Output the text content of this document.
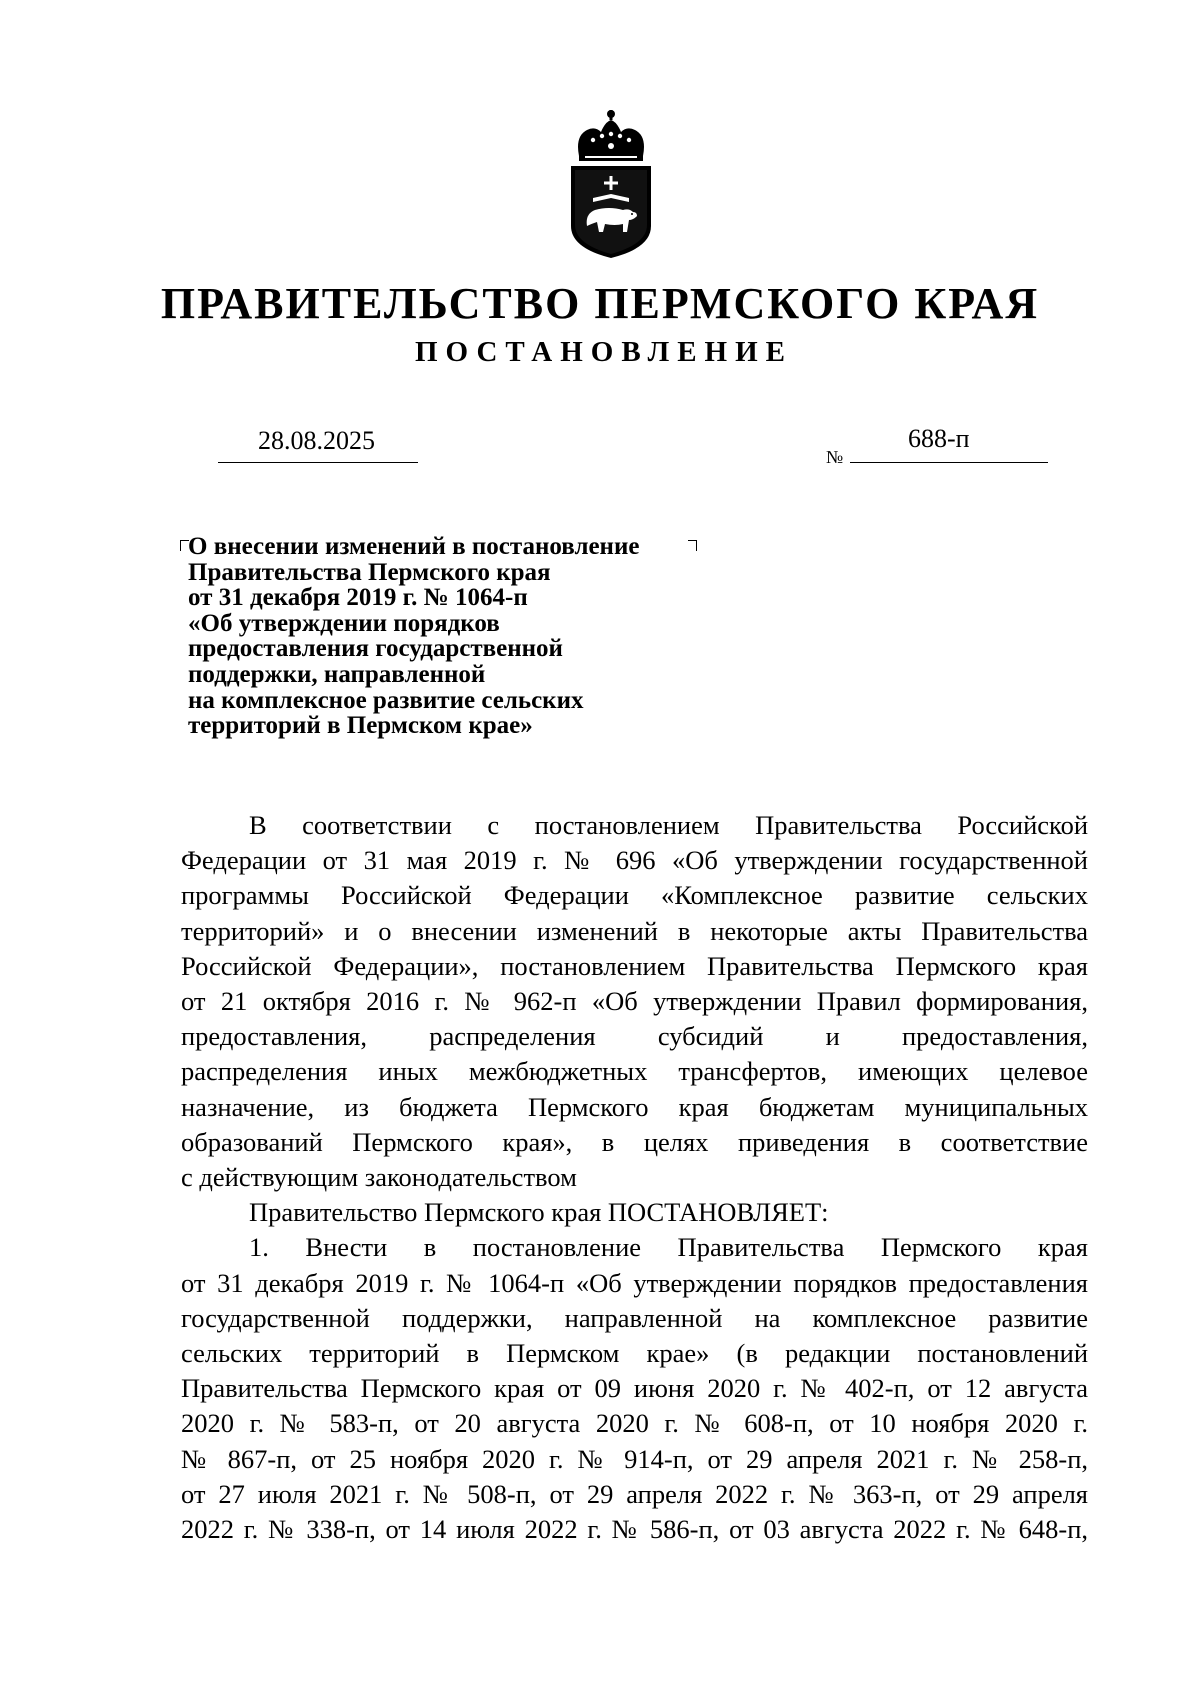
ПРАВИТЕЛЬСТВО ПЕРМСКОГО КРАЯ
ПОСТАНОВЛЕНИЕ
28.08.2025
№
688-п
О внесении изменений в постановление
Правительства Пермского края
от 31 декабря 2019 г. № 1064-п
«Об утверждении порядков
предоставления государственной
поддержки, направленной
на комплексное развитие сельских
территорий в Пермском крае»
В соответствии с постановлением Правительства Российской
Федерации от 31 мая 2019 г. № 696 «Об утверждении государственной
программы Российской Федерации «Комплексное развитие сельских
территорий» и о внесении изменений в некоторые акты Правительства
Российской Федерации», постановлением Правительства Пермского края
от 21 октября 2016 г. № 962-п «Об утверждении Правил формирования,
предоставления, распределения субсидий и предоставления,
распределения иных межбюджетных трансфертов, имеющих целевое
назначение, из бюджета Пермского края бюджетам муниципальных
образований Пермского края», в целях приведения в соответствие
с действующим законодательством
Правительство Пермского края ПОСТАНОВЛЯЕТ:
1. Внести в постановление Правительства Пермского края
от 31 декабря 2019 г. № 1064-п «Об утверждении порядков предоставления
государственной поддержки, направленной на комплексное развитие
сельских территорий в Пермском крае» (в редакции постановлений
Правительства Пермского края от 09 июня 2020 г. № 402-п, от 12 августа
2020 г. № 583-п, от 20 августа 2020 г. № 608-п, от 10 ноября 2020 г.
№ 867-п, от 25 ноября 2020 г. № 914-п, от 29 апреля 2021 г. № 258-п,
от 27 июля 2021 г. № 508-п, от 29 апреля 2022 г. № 363-п, от 29 апреля
2022 г. № 338-п, от 14 июля 2022 г. № 586-п, от 03 августа 2022 г. № 648-п,
